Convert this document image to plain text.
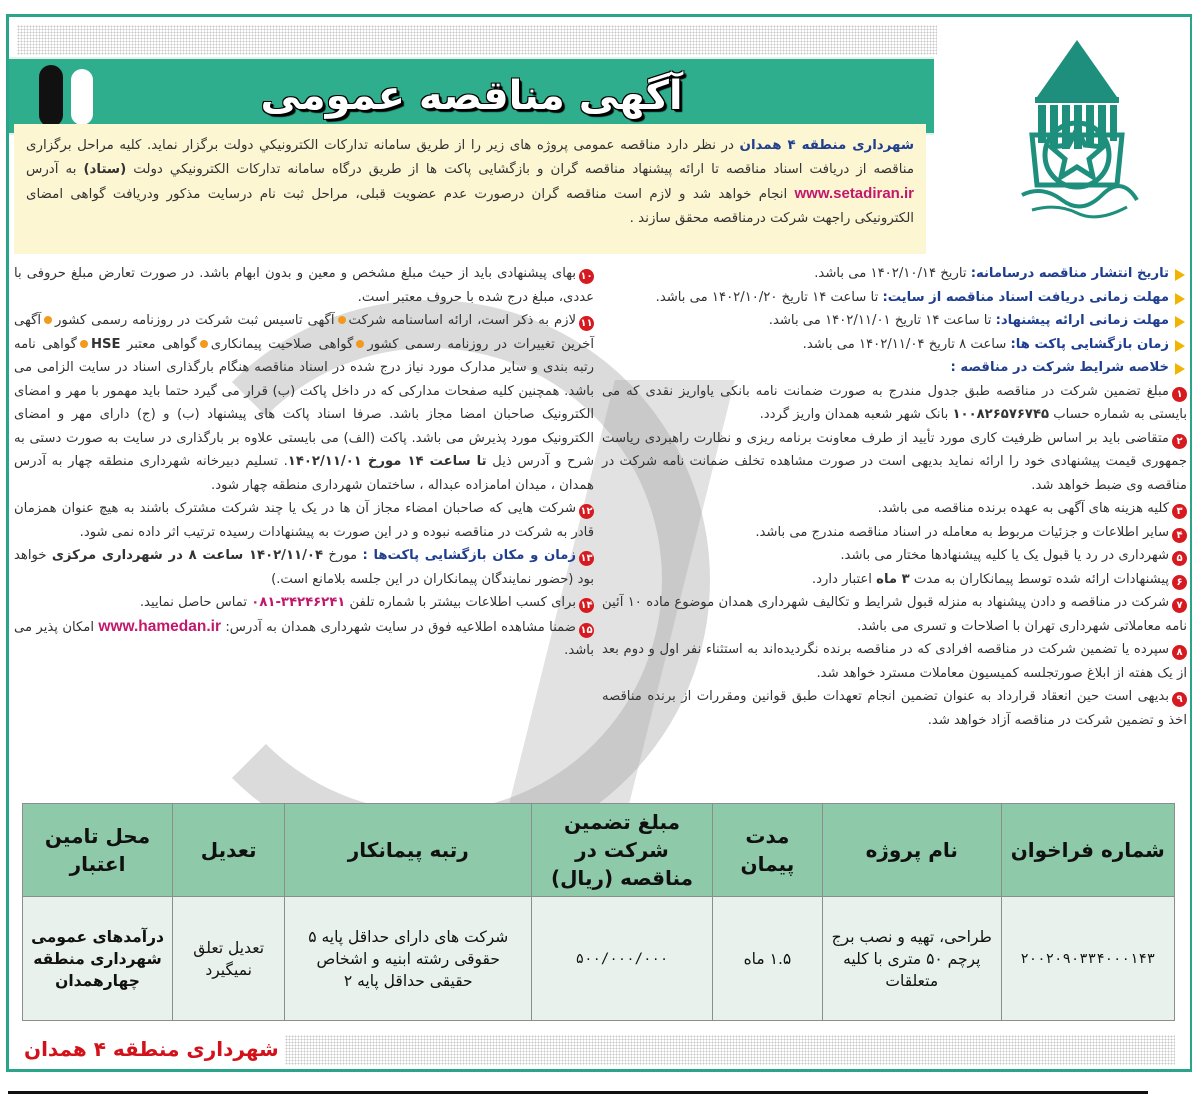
آگهی مناقصه عمومی
شهرداری منطقه ۴ همدان در نظر دارد مناقصه عمومی پروژه های زیر را از طریق سامانه تداركات الكترونيكي دولت برگزار نماید. کلیه مراحل برگزاری مناقصه از دریافت اسناد مناقصه تا ارائه پیشنهاد مناقصه گران و بازگشایی پاکت ها از طریق درگاه سامانه تداركات الكترونيكي دولت (ستاد) به آدرس www.setadiran.ir انجام خواهد شد و لازم است مناقصه گران درصورت عدم عضویت قبلی، مراحل ثبت نام درسایت مذکور ودریافت گواهی امضای الکترونیکی راجهت شرکت درمناقصه محقق سازند .
تاریخ انتشار مناقصه درسامانه: تاریخ ۱۴۰۲/۱۰/۱۴ می باشد.
مهلت زمانی دریافت اسناد مناقصه از سایت: تا ساعت ۱۴ تاریخ ۱۴۰۲/۱۰/۲۰ می باشد.
مهلت زمانی ارائه پیشنهاد: تا ساعت ۱۴ تاریخ ۱۴۰۲/۱۱/۰۱ می باشد.
زمان بازگشایی پاکت ها: ساعت ۸ تاریخ ۱۴۰۲/۱۱/۰۴ می باشد.
خلاصه شرایط شرکت در مناقصه :
۱مبلغ تضمین شرکت در مناقصه طبق جدول مندرج به صورت ضمانت نامه بانکی یاواریز نقدی که می بایستی به شماره حساب ۱۰۰۸۲۶۵۷۶۷۴۵ بانک شهر شعبه همدان واریز گردد.
۲متقاضی باید بر اساس ظرفیت کاری مورد تأیید از طرف معاونت برنامه ریزی و نظارت راهبردی ریاست جمهوری قیمت پیشنهادی خود را ارائه نماید بدیهی است در صورت مشاهده تخلف ضمانت نامه شرکت در مناقصه وی ضبط خواهد شد.
۳کلیه هزینه های آگهی به عهده برنده مناقصه می باشد.
۴سایر اطلاعات و جزئیات مربوط به معامله در اسناد مناقصه مندرج می باشد.
۵شهرداری در رد یا قبول یک یا کلیه پیشنهادها مختار می باشد.
۶پیشنهادات ارائه شده توسط پیمانکاران به مدت ۳ ماه اعتبار دارد.
۷شرکت در مناقصه و دادن پیشنهاد به منزله قبول شرایط و تکالیف شهرداری همدان موضوع ماده ۱۰ آئین نامه معاملاتی شهرداری تهران با اصلاحات و تسری می باشد.
۸سپرده یا تضمین شرکت در مناقصه افرادی که در مناقصه برنده نگردیده‌اند به استثناء نفر اول و دوم بعد از یک هفته از ابلاغ صورتجلسه کمیسیون معاملات مسترد خواهد شد.
۹بدیهی است حین انعقاد قرارداد به عنوان تضمین انجام تعهدات طبق قوانین ومقررات از برنده مناقصه اخذ و تضمین شرکت در مناقصه آزاد خواهد شد.
۱۰بهای پیشنهادی باید از حیث مبلغ مشخص و معین و بدون ابهام باشد. در صورت تعارض مبلغ حروفی با عددی، مبلغ درج شده با حروف معتبر است.
۱۱لازم به ذکر است، ارائه اساسنامه شرکتآگهی تاسیس ثبت شرکت در روزنامه رسمی کشورآگهی آخرین تغییرات در روزنامه رسمی کشورگواهی صلاحیت پیمانکاریگواهی معتبر HSEگواهی نامه رتبه بندی و سایر مدارک مورد نیاز درج شده در اسناد مناقصه هنگام بارگذاری اسناد در سایت الزامی می باشد. همچنین کلیه صفحات مدارکی که در داخل پاکت (ب) قرار می گیرد حتما باید مهمور با مهر و امضای الکترونیک صاحبان امضا مجاز باشد. صرفا اسناد پاکت های پیشنهاد (ب) و (ج) دارای مهر و امضای الکترونیک مورد پذیرش می باشد. پاکت (الف) می بایستی علاوه بر بارگذاری در سایت به صورت دستی به شرح و آدرس ذیل تا ساعت ۱۴ مورخ ۱۴۰۲/۱۱/۰۱. تسلیم دبیرخانه شهرداری منطقه چهار به آدرس همدان ، میدان امامزاده عبداله ، ساختمان شهرداری منطقه چهار شود.
۱۲شرکت هایی که صاحبان امضاء مجاز آن ها در یک یا چند شرکت مشترک باشند به هیچ عنوان همزمان قادر به شرکت در مناقصه نبوده و در این صورت به پیشنهادات رسیده ترتیب اثر داده نمی شود.
۱۳زمان و مکان بازگشایی پاکت‌ها : مورخ ۱۴۰۲/۱۱/۰۴ ساعت ۸ در شهرداری مرکزی خواهد بود (حضور نمایندگان پیمانکاران در این جلسه بلامانع است.)
۱۴برای کسب اطلاعات بیشتر با شماره تلفن ۳۴۲۴۶۲۴۱-۰۸۱ تماس حاصل نمایید.
۱۵ضمنا مشاهده اطلاعیه فوق در سایت شهرداری همدان به آدرس: www.hamedan.ir امکان پذیر می باشد.
شماره فراخوان	نام پروژه	مدت پیمان	مبلغ تضمین شرکت در مناقصه (ریال)	رتبه پیمانکار	تعدیل	محل تامین اعتبار
۲۰۰۲۰۹۰۳۳۴۰۰۰۱۴۳	طراحی، تهیه و نصب برج پرچم ۵۰ متری با کلیه متعلقات	۱.۵ ماه	۵۰۰/۰۰۰/۰۰۰	شرکت های دارای حداقل پایه ۵ حقوقی رشته ابنیه و اشخاص حقیقی حداقل پایه ۲	تعدیل تعلق نمیگیرد	درآمدهای عمومی شهرداری منطقه چهارهمدان
شهرداری منطقه ۴ همدان
